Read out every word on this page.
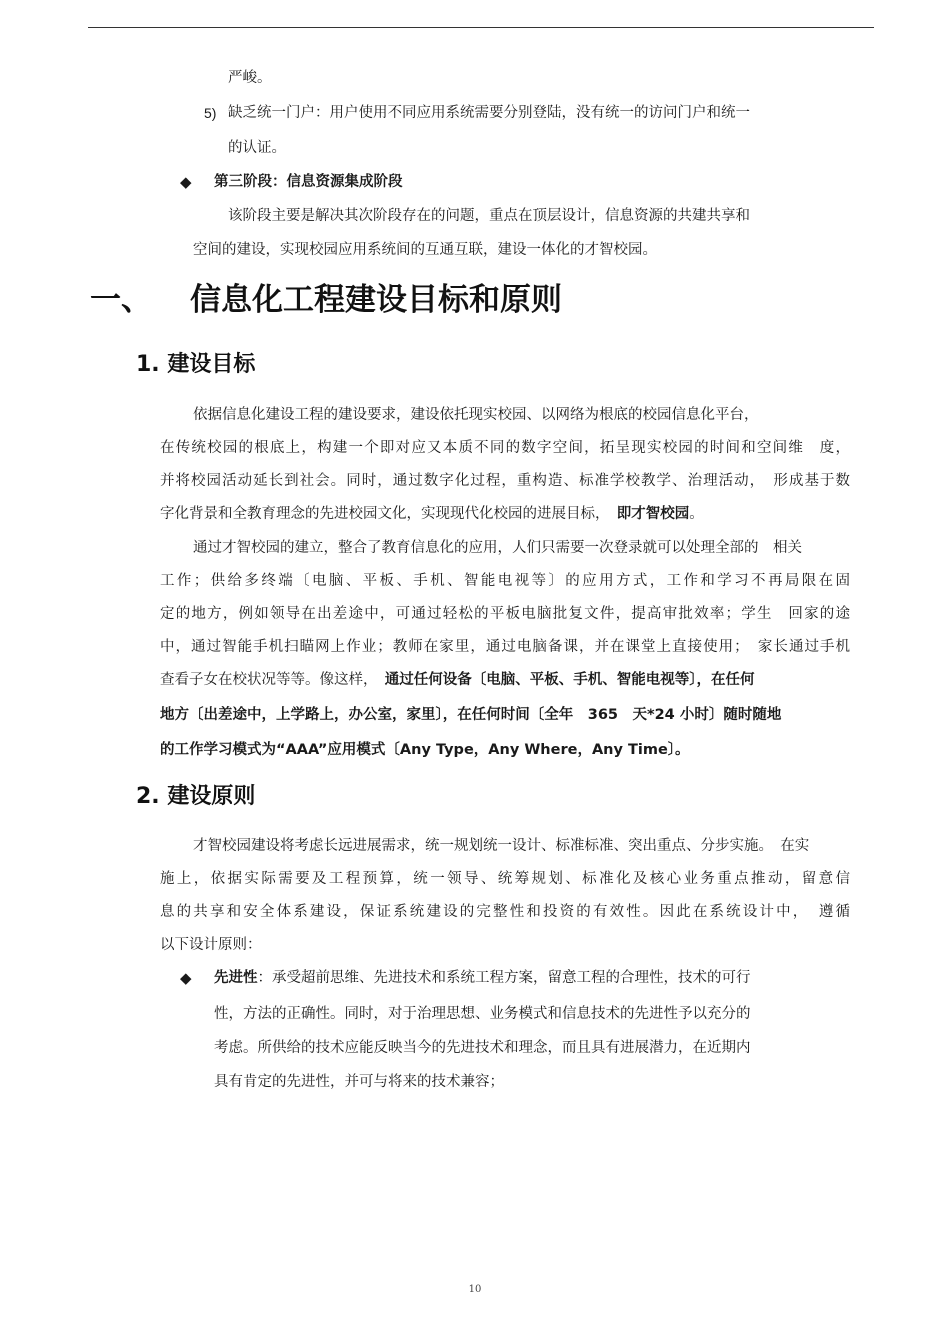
严峻。
5) 缺乏统一门户：用户使用不同应用系统需要分别登陆，没有统一的访问门户和统一
的认证。
◆ 第三阶段：信息资源集成阶段
该阶段主要是解决其次阶段存在的问题，重点在顶层设计，信息资源的共建共享和
空间的建设，实现校园应用系统间的互通互联，建设一体化的才智校园。
一、 信息化工程建设目标和原则
1. 建设目标
依据信息化建设工程的建设要求，建设依托现实校园、以网络为根底的校园信息化平台，
在传统校园的根底上，构建一个即对应又本质不同的数字空间，拓呈现实校园的时间和空间维　度，
并将校园活动延长到社会。同时，通过数字化过程，重构造、标准学校教学、治理活动，　形成基于数
字化背景和全教育理念的先进校园文化，实现现代化校园的进展目标，　 即才智校园。
通过才智校园的建立，整合了教育信息化的应用，人们只需要一次登录就可以处理全部的　相关
工作；供给多终端〔电脑、平板、手机、智能电视等〕的应用方式，工作和学习不再局限在固
定的地方，例如领导在出差途中，可通过轻松的平板电脑批复文件，提高审批效率；学生　回家的途
中，通过智能手机扫瞄网上作业；教师在家里，通过电脑备课，并在课堂上直接使用；　家长通过手机
查看子女在校状况等等。像这样，　 通过任何设备〔电脑、平板、手机、智能电视等〕，在任何
地方〔出差途中，上学路上，办公室，家里〕，在任何时间〔全年　365　天*24 小时〕随时随地
的工作学习模式为“AAA”应用模式〔Any Type，Any Where，Any Time〕。
2. 建设原则
才智校园建设将考虑长远进展需求，统一规划统一设计、标准标准、突出重点、分步实施。　在实
施上，依据实际需要及工程预算，统一领导、统筹规划、标准化及核心业务重点推动，留意信
息的共享和安全体系建设，保证系统建设的完整性和投资的有效性。因此在系统设计中，　遵循
以下设计原则：
◆ 先进性：承受超前思维、先进技术和系统工程方案，留意工程的合理性，技术的可行
性，方法的正确性。同时，对于治理思想、业务模式和信息技术的先进性予以充分的
考虑。所供给的技术应能反映当今的先进技术和理念，而且具有进展潜力，在近期内
具有肯定的先进性，并可与将来的技术兼容；
10
